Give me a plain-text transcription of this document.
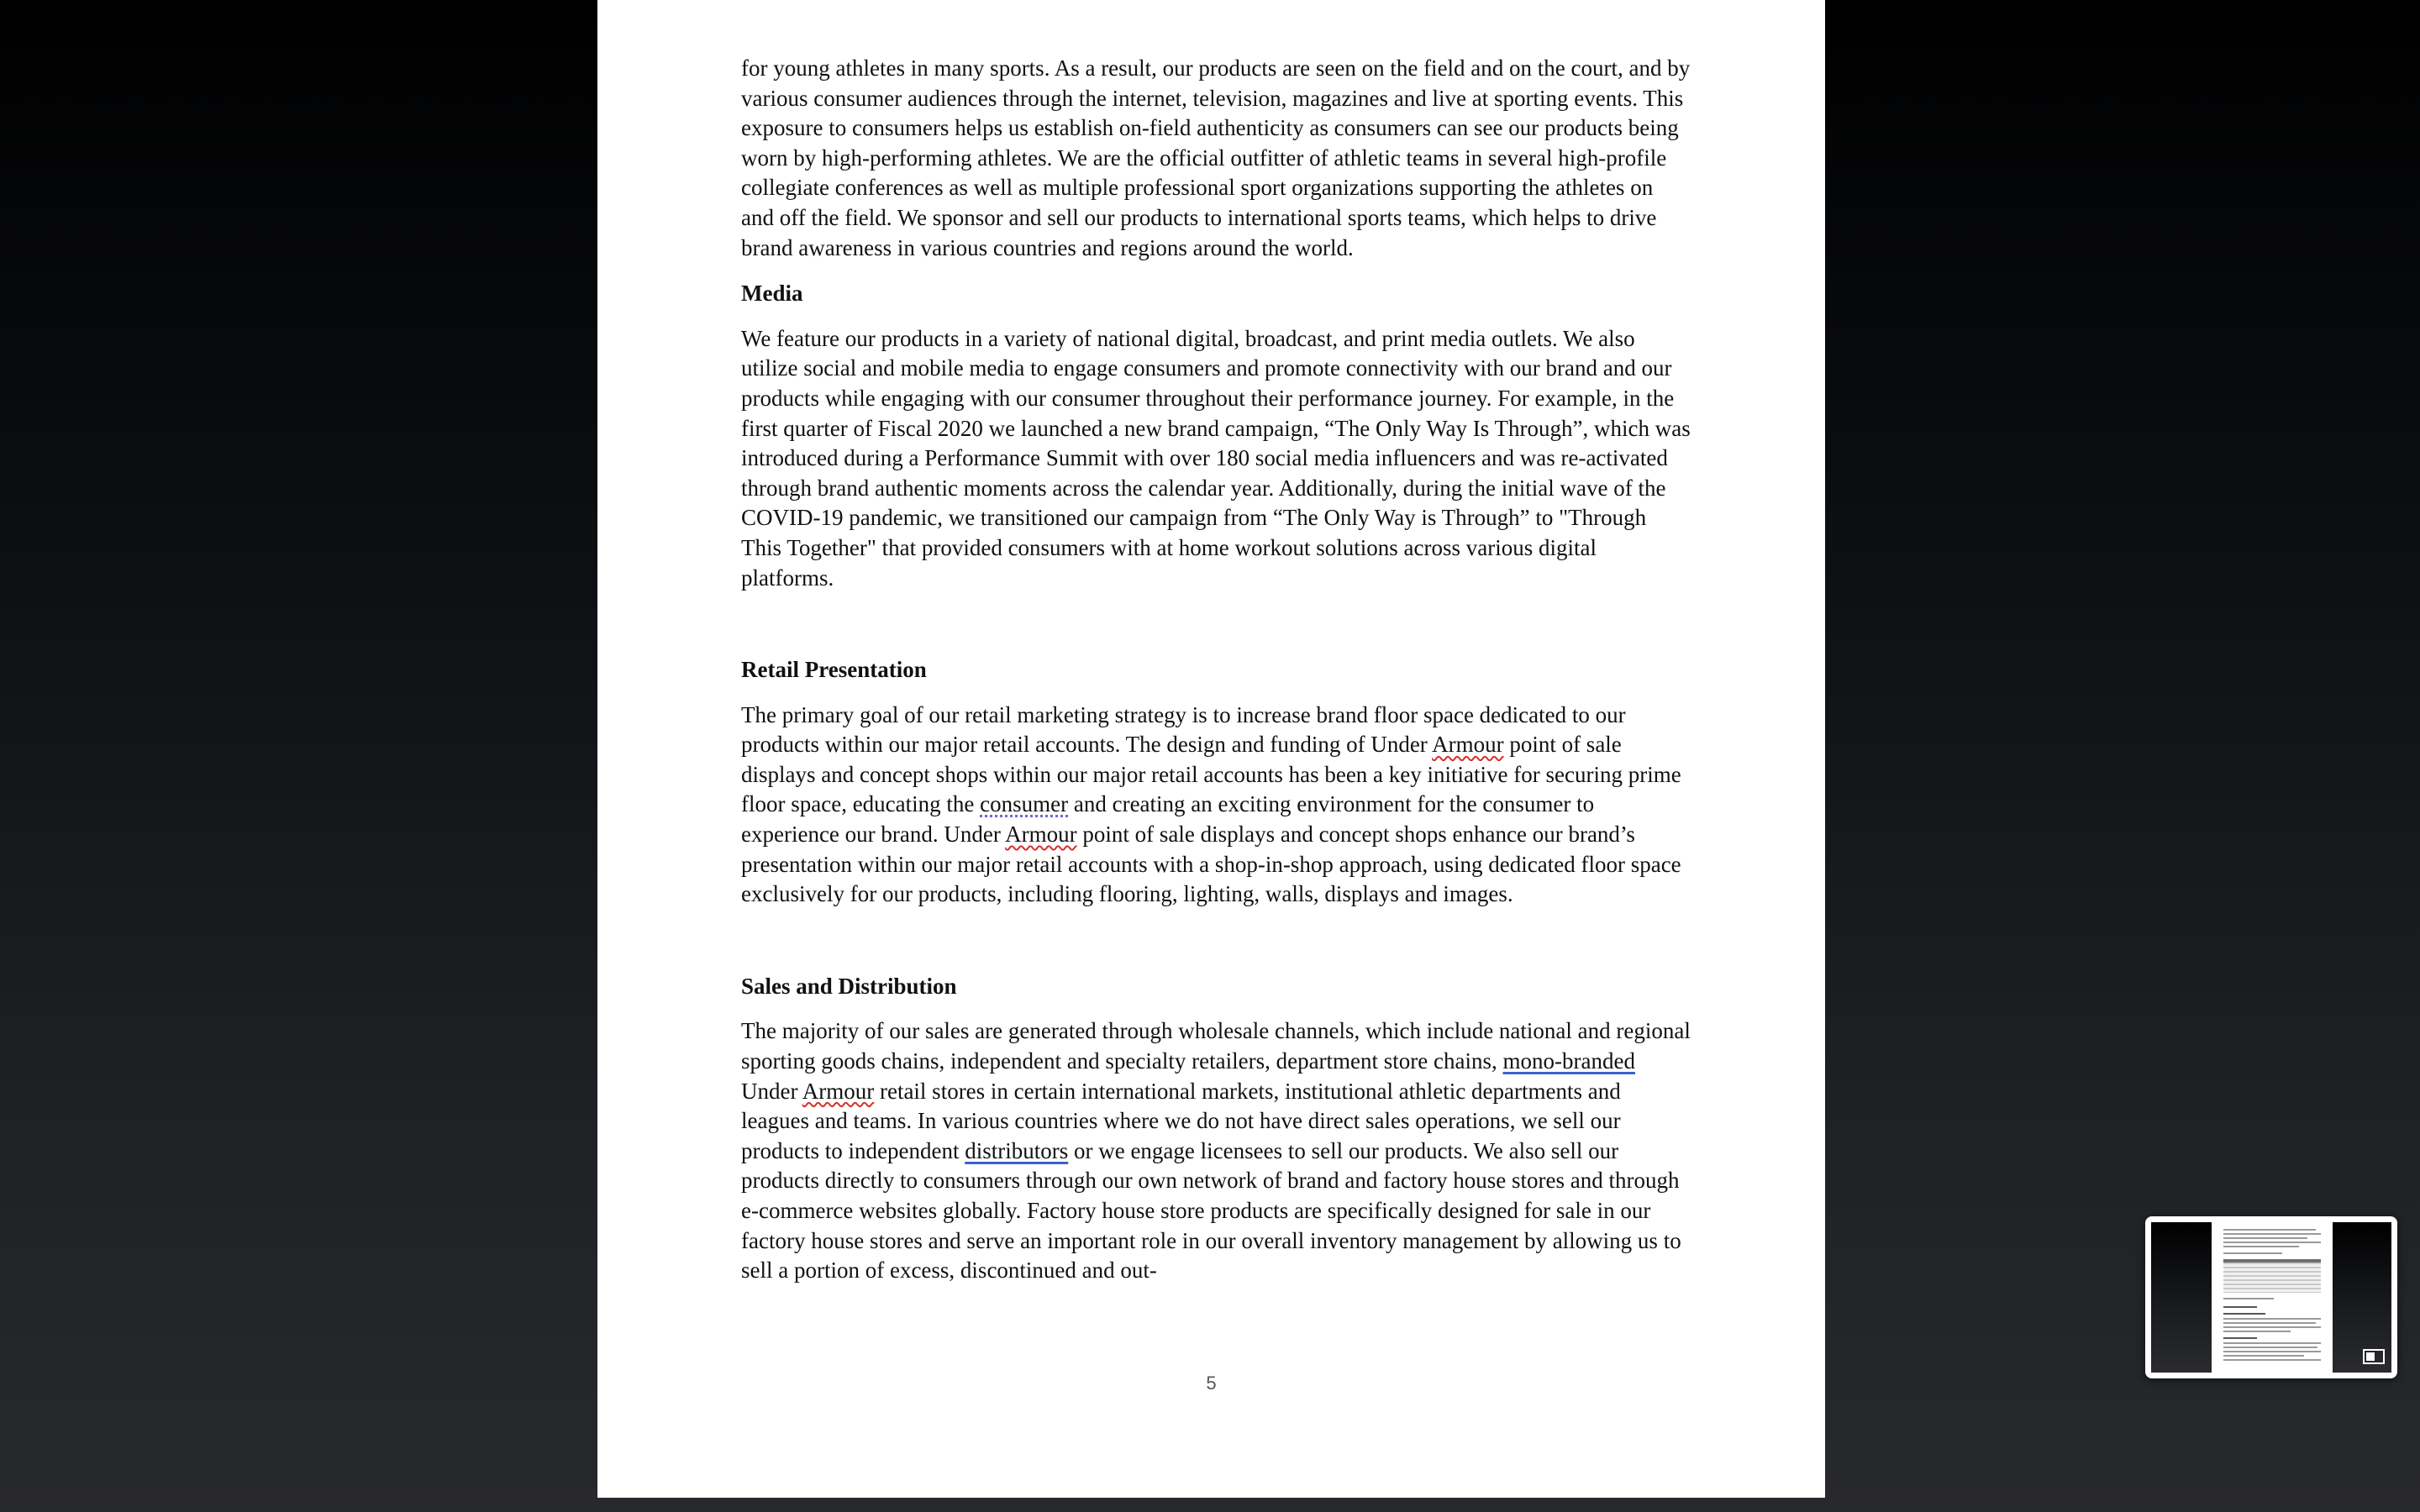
for young athletes in many sports. As a result, our products are seen on the field and on the court, and by various consumer audiences through the internet, television, magazines and live at sporting events. This exposure to consumers helps us establish on-field authenticity as consumers can see our products being worn by high-performing athletes. We are the official outfitter of athletic teams in several high-profile collegiate conferences as well as multiple professional sport organizations supporting the athletes on and off the field. We sponsor and sell our products to international sports teams, which helps to drive brand awareness in various countries and regions around the world.

Media

We feature our products in a variety of national digital, broadcast, and print media outlets. We also utilize social and mobile media to engage consumers and promote connectivity with our brand and our products while engaging with our consumer throughout their performance journey. For example, in the first quarter of Fiscal 2020 we launched a new brand campaign, “The Only Way Is Through”, which was introduced during a Performance Summit with over 180 social media influencers and was re-activated through brand authentic moments across the calendar year. Additionally, during the initial wave of the COVID-19 pandemic, we transitioned our campaign from “The Only Way is Through” to "Through This Together" that provided consumers with at home workout solutions across various digital platforms.

Retail Presentation

The primary goal of our retail marketing strategy is to increase brand floor space dedicated to our products within our major retail accounts. The design and funding of Under Armour point of sale displays and concept shops within our major retail accounts has been a key initiative for securing prime floor space, educating the consumer and creating an exciting environment for the consumer to experience our brand. Under Armour point of sale displays and concept shops enhance our brand’s presentation within our major retail accounts with a shop-in-shop approach, using dedicated floor space exclusively for our products, including flooring, lighting, walls, displays and images.

Sales and Distribution

The majority of our sales are generated through wholesale channels, which include national and regional sporting goods chains, independent and specialty retailers, department store chains, mono-branded Under Armour retail stores in certain international markets, institutional athletic departments and leagues and teams. In various countries where we do not have direct sales operations, we sell our products to independent distributors or we engage licensees to sell our products. We also sell our products directly to consumers through our own network of brand and factory house stores and through e-commerce websites globally. Factory house store products are specifically designed for sale in our factory house stores and serve an important role in our overall inventory management by allowing us to sell a portion of excess, discontinued and out-

5
